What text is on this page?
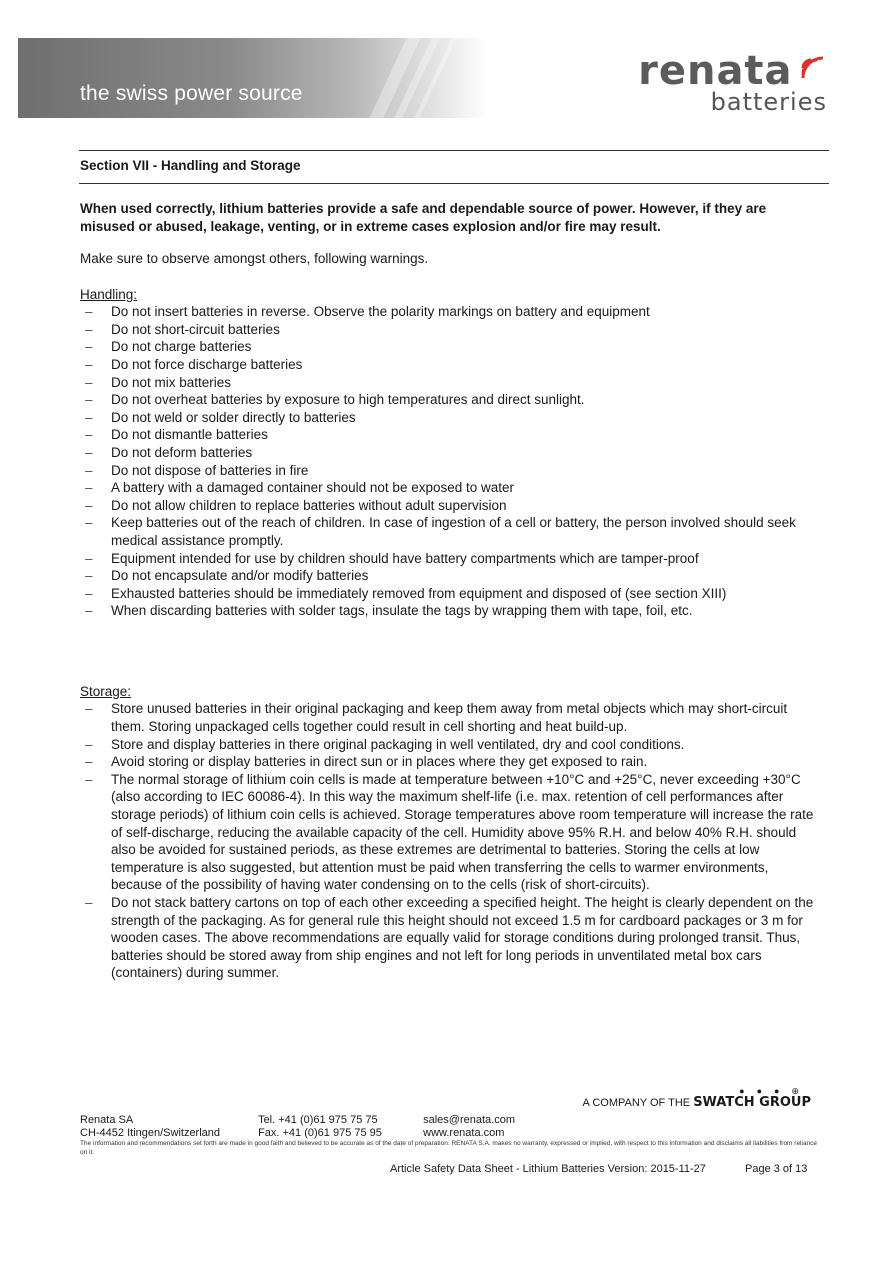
the swiss power source	renata
batteries
Section VII - Handling and Storage

When used correctly, lithium batteries provide a safe and dependable source of power. However, if they are misused or abused, leakage, venting, or in extreme cases explosion and/or fire may result.

Make sure to observe amongst others, following warnings.

Handling:

– Do not insert batteries in reverse. Observe the polarity markings on battery and equipment
– Do not short-circuit batteries
– Do not charge batteries
– Do not force discharge batteries
– Do not mix batteries
– Do not overheat batteries by exposure to high temperatures and direct sunlight.
– Do not weld or solder directly to batteries
– Do not dismantle batteries
– Do not deform batteries
– Do not dispose of batteries in fire
– A battery with a damaged container should not be exposed to water
– Do not allow children to replace batteries without adult supervision
– Keep batteries out of the reach of children. In case of ingestion of a cell or battery, the person involved should seek medical assistance promptly.
– Equipment intended for use by children should have battery compartments which are tamper-proof
– Do not encapsulate and/or modify batteries
– Exhausted batteries should be immediately removed from equipment and disposed of (see section XIII)
– When discarding batteries with solder tags, insulate the tags by wrapping them with tape, foil, etc.

Storage:

– Store unused batteries in their original packaging and keep them away from metal objects which may short-circuit them. Storing unpackaged cells together could result in cell shorting and heat build-up.
– Store and display batteries in there original packaging in well ventilated, dry and cool conditions.
– Avoid storing or display batteries in direct sun or in places where they get exposed to rain.
– The normal storage of lithium coin cells is made at temperature between +10°C and +25°C, never exceeding +30°C (also according to IEC 60086-4). In this way the maximum shelf-life (i.e. max. retention of cell performances after storage periods) of lithium coin cells is achieved. Storage temperatures above room temperature will increase the rate of self-discharge, reducing the available capacity of the cell. Humidity above 95% R.H. and below 40% R.H. should also be avoided for sustained periods, as these extremes are detrimental to batteries. Storing the cells at low temperature is also suggested, but attention must be paid when transferring the cells to warmer environments, because of the possibility of having water condensing on to the cells (risk of short-circuits).
– Do not stack battery cartons on top of each other exceeding a specified height. The height is clearly dependent on the strength of the packaging. As for general rule this height should not exceed 1.5 m for cardboard packages or 3 m for wooden cases. The above recommendations are equally valid for storage conditions during prolonged transit. Thus, batteries should be stored away from ship engines and not left for long periods in unventilated metal box cars (containers) during summer.
●●●⊕
A COMPANY OF THE SWATCH GROUP
Renata SA	Tel. +41 (0)61 975 75 75	sales@renata.com
CH-4452 Itingen/Switzerland	Fax. +41 (0)61 975 75 95	www.renata.com
The information and recommendations set forth are made in good faith and believed to be accurate as of the date of preparation. RENATA S.A. makes no warranty, expressed or implied, with respect to this information and disclaims all liabilities from reliance on it.
Article Safety Data Sheet - Lithium Batteries Version: 2015-11-27	Page 3 of 13
